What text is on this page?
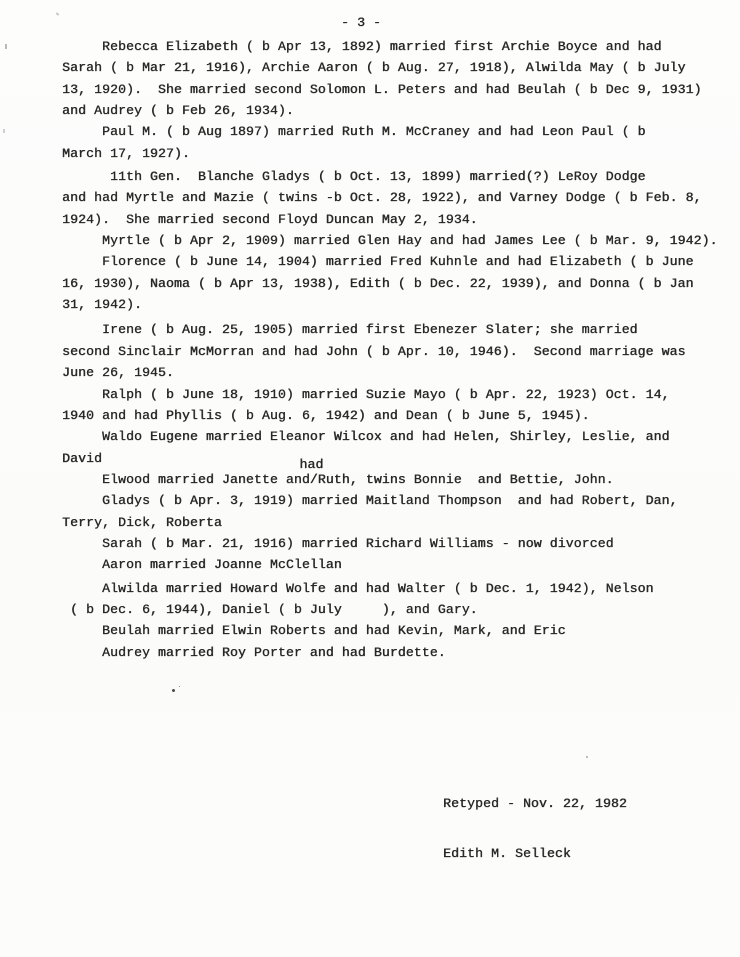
- 3 -
Rebecca Elizabeth ( b Apr 13, 1892) married first Archie Boyce and had
Sarah ( b Mar 21, 1916), Archie Aaron ( b Aug. 27, 1918), Alwilda May ( b July
13, 1920).  She married second Solomon L. Peters and had Beulah ( b Dec 9, 1931)
and Audrey ( b Feb 26, 1934).
Paul M. ( b Aug 1897) married Ruth M. McCraney and had Leon Paul ( b
March 17, 1927).
11th Gen.  Blanche Gladys ( b Oct. 13, 1899) married(?) LeRoy Dodge
and had Myrtle and Mazie ( twins -b Oct. 28, 1922), and Varney Dodge ( b Feb. 8,
1924).  She married second Floyd Duncan May 2, 1934.
Myrtle ( b Apr 2, 1909) married Glen Hay and had James Lee ( b Mar. 9, 1942).
Florence ( b June 14, 1904) married Fred Kuhnle and had Elizabeth ( b June
16, 1930), Naoma ( b Apr 13, 1938), Edith ( b Dec. 22, 1939), and Donna ( b Jan
31, 1942).
Irene ( b Aug. 25, 1905) married first Ebenezer Slater; she married
second Sinclair McMorran and had John ( b Apr. 10, 1946).  Second marriage was
June 26, 1945.
Ralph ( b June 18, 1910) married Suzie Mayo ( b Apr. 22, 1923) Oct. 14,
1940 and had Phyllis ( b Aug. 6, 1942) and Dean ( b June 5, 1945).
Waldo Eugene married Eleanor Wilcox and had Helen, Shirley, Leslie, and
David
Elwood married Janette and/Ruth, twins Bonnie  and Bettie, John.
had
Gladys ( b Apr. 3, 1919) married Maitland Thompson  and had Robert, Dan,
Terry, Dick, Roberta
Sarah ( b Mar. 21, 1916) married Richard Williams - now divorced
Aaron married Joanne McClellan
Alwilda married Howard Wolfe and had Walter ( b Dec. 1, 1942), Nelson
( b Dec. 6, 1944), Daniel ( b July     ), and Gary.
Beulah married Elwin Roberts and had Kevin, Mark, and Eric
Audrey married Roy Porter and had Burdette.

Retyped - Nov. 22, 1982

Edith M. Selleck
